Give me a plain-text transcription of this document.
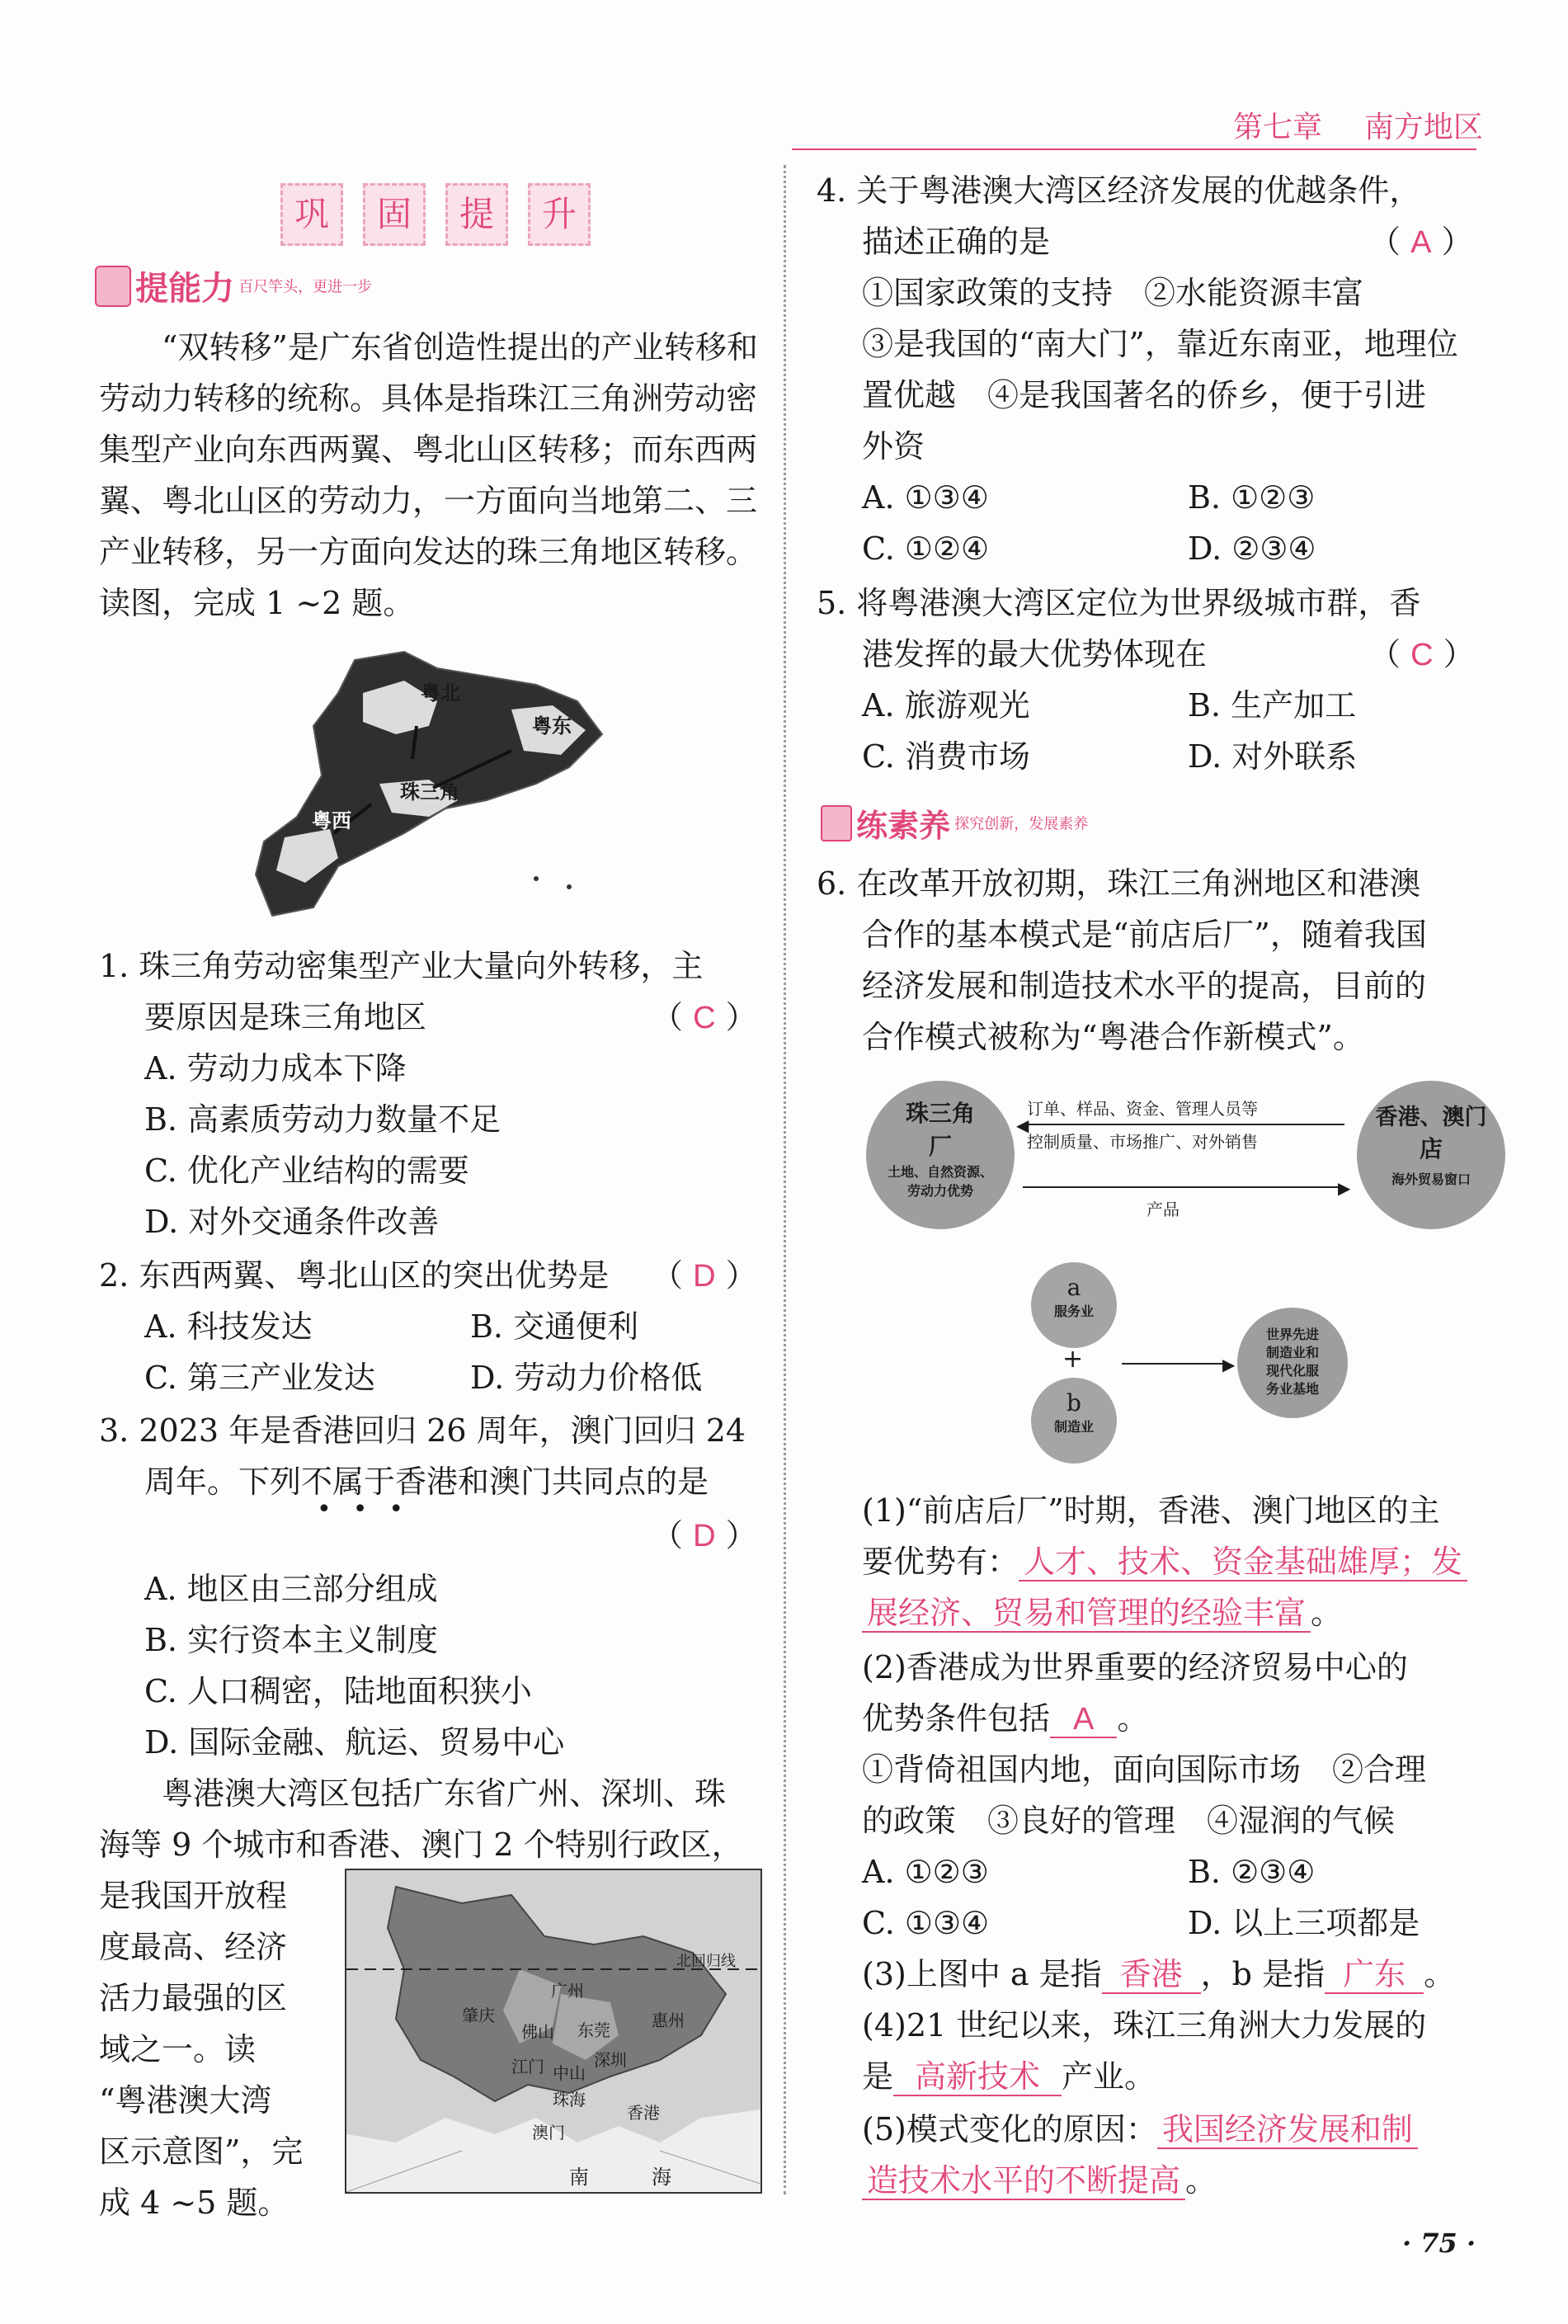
第七章 南方地区
巩 固 提 升
提能力 百尺竿头，更进一步
“双转移”是广东省创造性提出的产业转移和劳动力转移的统称。具体是指珠江三角洲劳动密集型产业向东西两翼、粤北山区转移；而东西两翼、粤北山区的劳动力，一方面向当地第二、三产业转移，另一方面向发达的珠三角地区转移。读图，完成 1 ~2 题。
粤北
粤东
珠三角
粤西
1. 珠三角劳动密集型产业大量向外转移，主
要原因是珠三角地区	（ C ）
A. 劳动力成本下降
B. 高素质劳动力数量不足
C. 优化产业结构的需要
D. 对外交通条件改善
2. 东西两翼、粤北山区的突出优势是 （ D ）
A. 科技发达	B. 交通便利
C. 第三产业发达	D. 劳动力价格低
3. 2023 年是香港回归 26 周年，澳门回归 24
周年。下列不属于香港和澳门共同点的是
•••
（ D ）
A. 地区由三部分组成
B. 实行资本主义制度
C. 人口稠密，陆地面积狭小
D. 国际金融、航运、贸易中心
粤港澳大湾区包括广东省广州、深圳、珠
海等 9 个城市和香港、澳门 2 个特别行政区，
是我国开放程
度最高、经济
活力最强的区
域之一。读
“粤港澳大湾
区示意图”，完
成 4 ~5 题。
北回归线
广州
肇庆
佛山 东莞	惠州
江门 中山
深圳
珠海
澳门
香港
南	海
4. 关于粤港澳大湾区经济发展的优越条件，
描述正确的是	（ A ）
①国家政策的支持　②水能资源丰富
③是我国的“南大门”，靠近东南亚，地理位
置优越　④是我国著名的侨乡，便于引进
外资
A. ①③④	B. ①②③
C. ①②④	D. ②③④
5. 将粤港澳大湾区定位为世界级城市群，香
港发挥的最大优势体现在	（ C ）
A. 旅游观光	B. 生产加工
C. 消费市场	D. 对外联系
练素养 探究创新，发展素养
6. 在改革开放初期，珠江三角洲地区和港澳
合作的基本模式是“前店后厂”，随着我国
经济发展和制造技术水平的提高，目前的
合作模式被称为“粤港合作新模式”。
珠三角
厂
土地、自然资源、
劳动力优势
订单、样品、资金、管理人员等
◀
控制质量、市场推广、对外销售
▶
产品
香港、澳门
店
海外贸易窗口
a
服务业
+
b
制造业
▶
世界先进
制造业和
现代化服
务业基地
(1)“前店后厂”时期，香港、澳门地区的主
要优势有： 人才、技术、资金基础雄厚；发
展经济、贸易和管理的经验丰富 。
(2)香港成为世界重要的经济贸易中心的
优势条件包括 A 。
①背倚祖国内地，面向国际市场　②合理
的政策　③良好的管理　④湿润的气候
A. ①②③	B. ②③④
C. ①③④	D. 以上三项都是
(3)上图中 a 是指 香港 ，b 是指 广东 。
(4)21 世纪以来，珠江三角洲大力发展的
是 高新技术 产业。
(5)模式变化的原因： 我国经济发展和制
造技术水平的不断提高 。
· 75 ·
